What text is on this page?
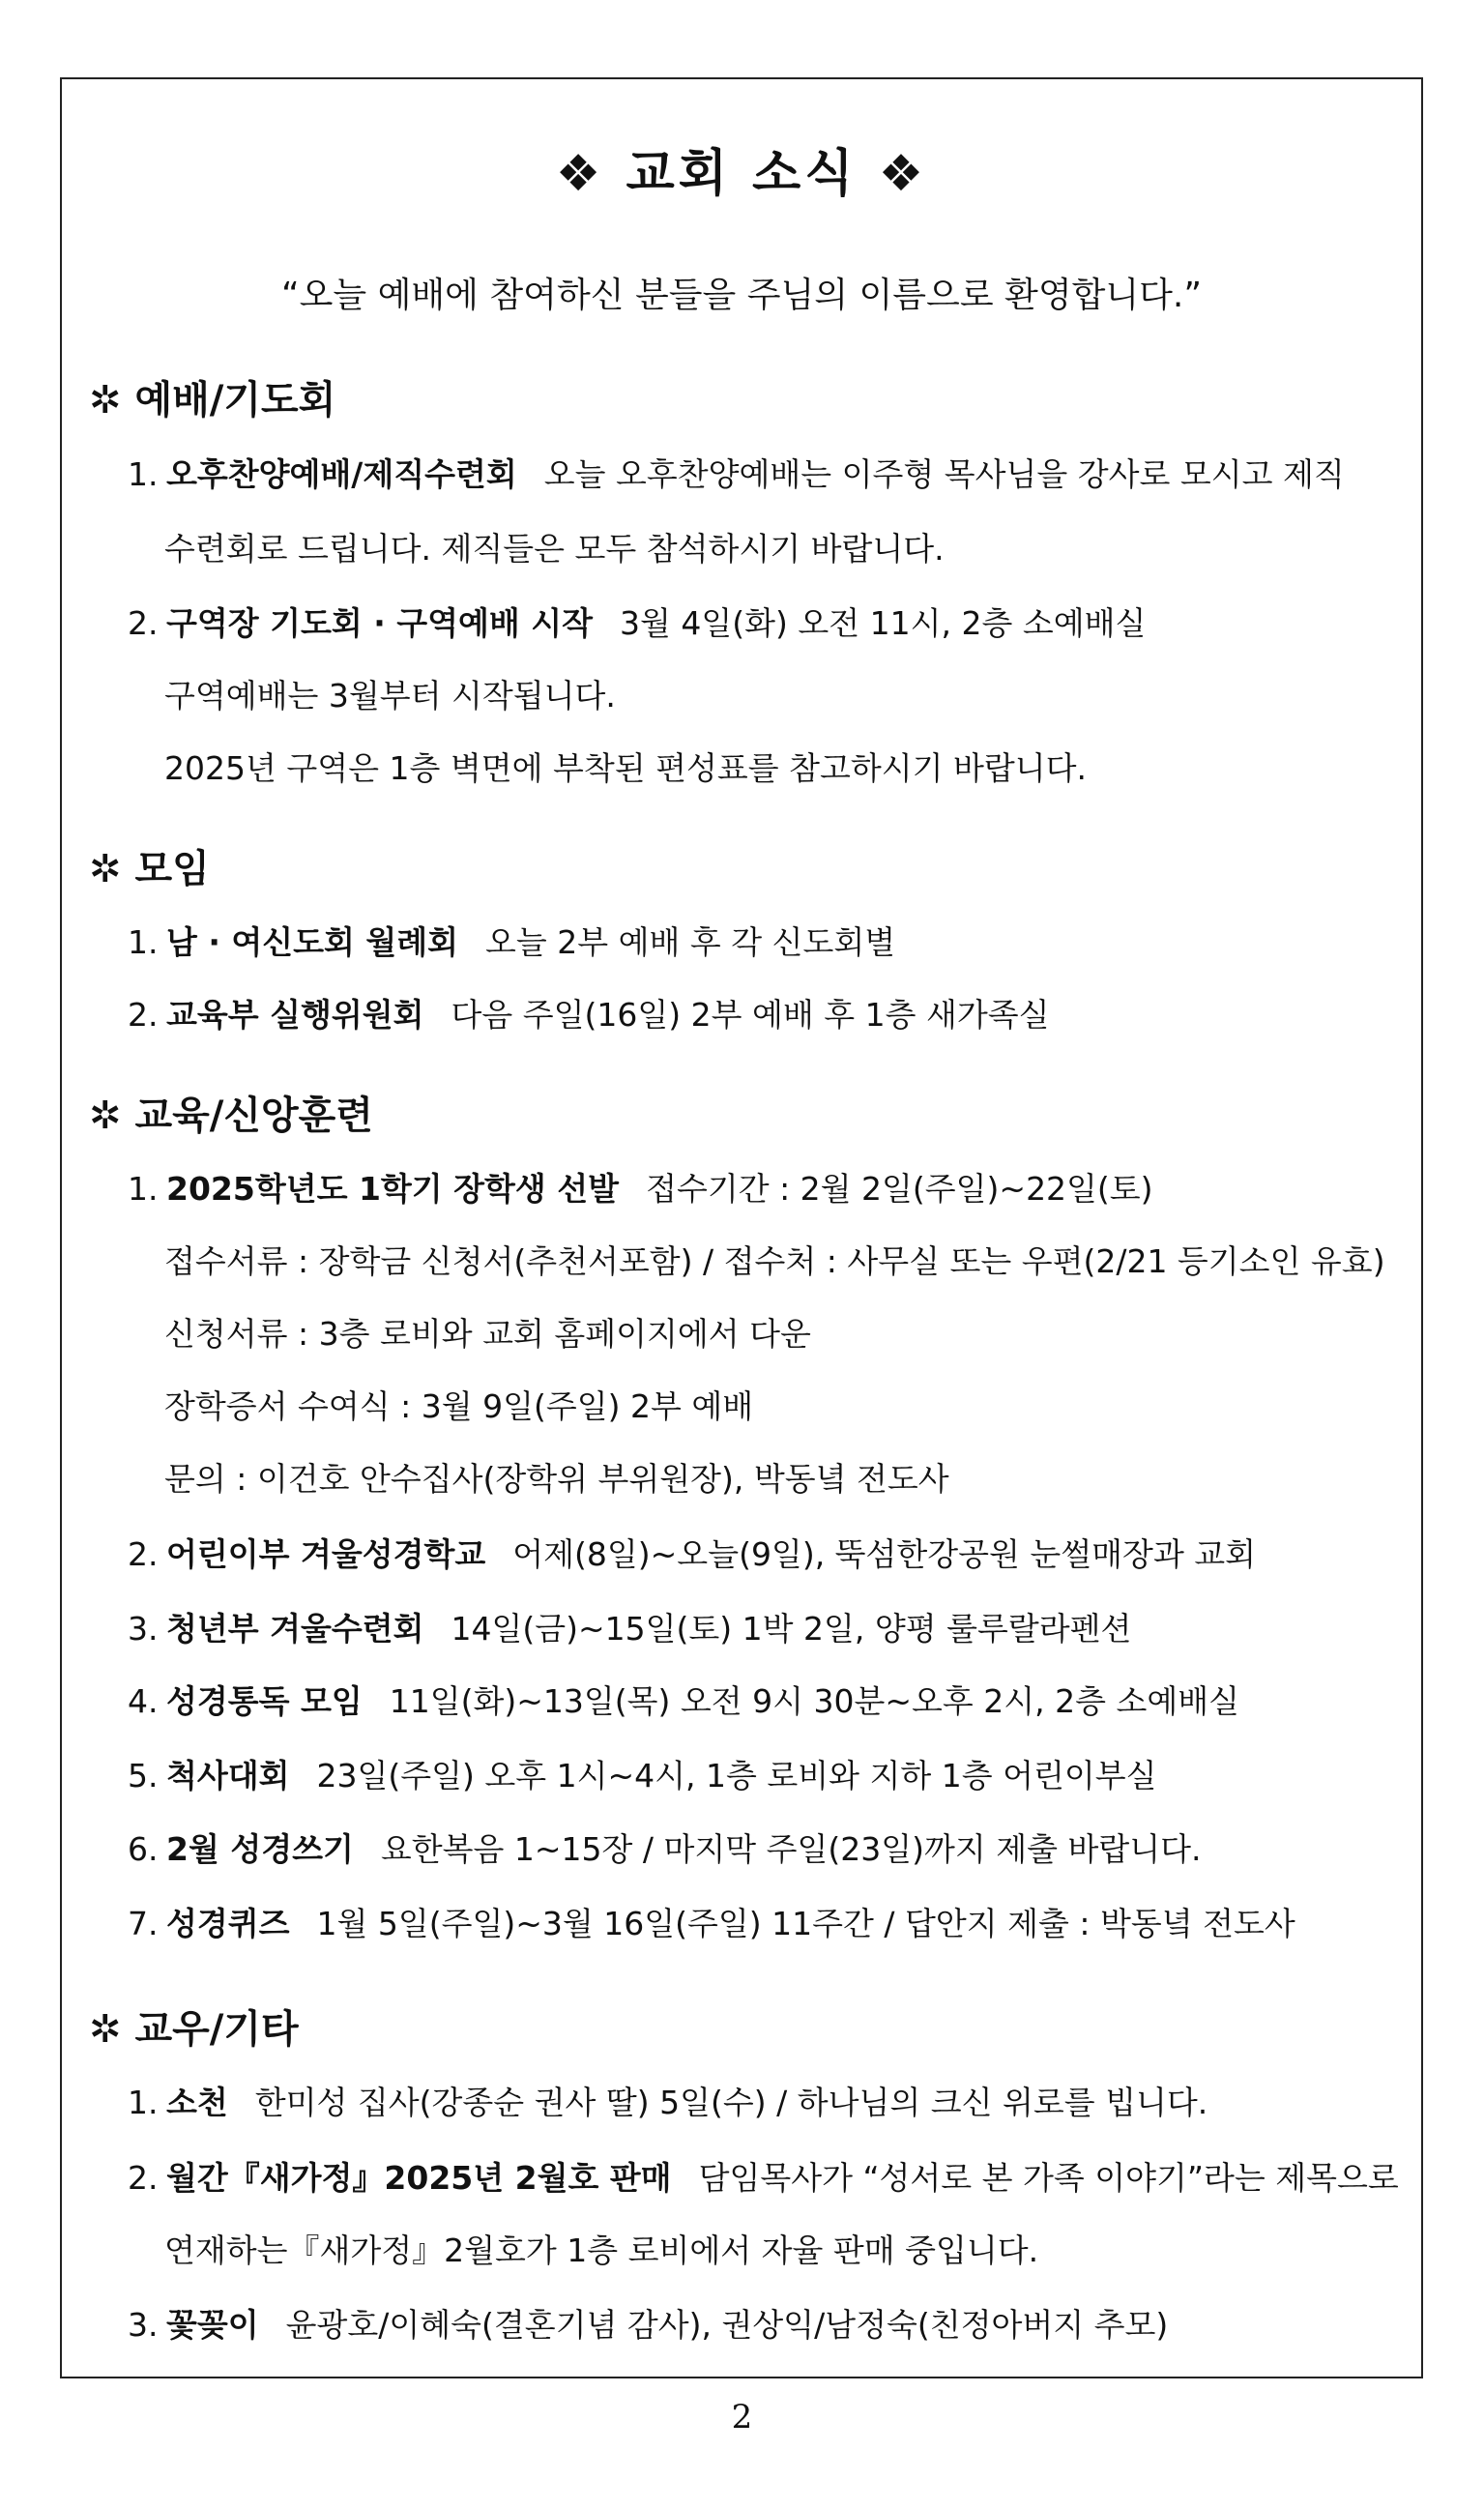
❖ 교회 소식 ❖
“오늘 예배에 참여하신 분들을 주님의 이름으로 환영합니다.”
✲ 예배/기도회
1. 오후찬양예배/제직수련회 오늘 오후찬양예배는 이주형 목사님을 강사로 모시고 제직
수련회로 드립니다. 제직들은 모두 참석하시기 바랍니다.
2. 구역장 기도회 · 구역예배 시작 3월 4일(화) 오전 11시, 2층 소예배실
구역예배는 3월부터 시작됩니다.
2025년 구역은 1층 벽면에 부착된 편성표를 참고하시기 바랍니다.
✲ 모임
1. 남 · 여신도회 월례회 오늘 2부 예배 후 각 신도회별
2. 교육부 실행위원회 다음 주일(16일) 2부 예배 후 1층 새가족실
✲ 교육/신앙훈련
1. 2025학년도 1학기 장학생 선발 접수기간 : 2월 2일(주일)~22일(토)
접수서류 : 장학금 신청서(추천서포함) / 접수처 : 사무실 또는 우편(2/21 등기소인 유효)
신청서류 : 3층 로비와 교회 홈페이지에서 다운
장학증서 수여식 : 3월 9일(주일) 2부 예배
문의 : 이건호 안수집사(장학위 부위원장), 박동녘 전도사
2. 어린이부 겨울성경학교 어제(8일)~오늘(9일), 뚝섬한강공원 눈썰매장과 교회
3. 청년부 겨울수련회 14일(금)~15일(토) 1박 2일, 양평 룰루랄라펜션
4. 성경통독 모임 11일(화)~13일(목) 오전 9시 30분~오후 2시, 2층 소예배실
5. 척사대회 23일(주일) 오후 1시~4시, 1층 로비와 지하 1층 어린이부실
6. 2월 성경쓰기 요한복음 1~15장 / 마지막 주일(23일)까지 제출 바랍니다.
7. 성경퀴즈 1월 5일(주일)~3월 16일(주일) 11주간 / 답안지 제출 : 박동녘 전도사
✲ 교우/기타
1. 소천 한미성 집사(강종순 권사 딸) 5일(수) / 하나님의 크신 위로를 빕니다.
2. 월간『새가정』2025년 2월호 판매 담임목사가 “성서로 본 가족 이야기”라는 제목으로
연재하는『새가정』2월호가 1층 로비에서 자율 판매 중입니다.
3. 꽃꽂이 윤광호/이혜숙(결혼기념 감사), 권상익/남정숙(친정아버지 추모)
2
